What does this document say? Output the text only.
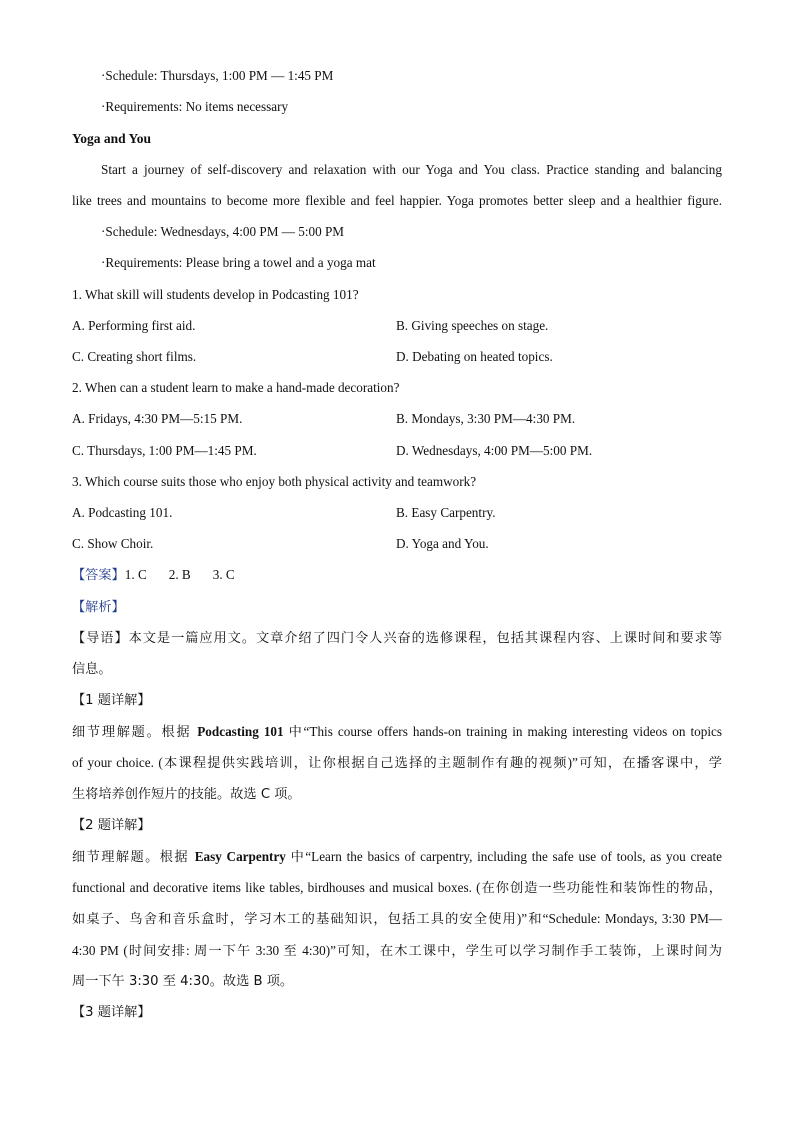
·Schedule: Thursdays, 1:00 PM — 1:45 PM
·Requirements: No items necessary
Yoga and You
Start a journey of self-discovery and relaxation with our Yoga and You class. Practice standing and balancing
like trees and mountains to become more flexible and feel happier. Yoga promotes better sleep and a healthier figure.
·Schedule: Wednesdays, 4:00 PM — 5:00 PM
·Requirements: Please bring a towel and a yoga mat
1. What skill will students develop in Podcasting 101?
A. Performing first aid.	B. Giving speeches on stage.
C. Creating short films.	D. Debating on heated topics.
2. When can a student learn to make a hand-made decoration?
A. Fridays, 4:30 PM—5:15 PM.	B. Mondays, 3:30 PM—4:30 PM.
C. Thursdays, 1:00 PM—1:45 PM.	D. Wednesdays, 4:00 PM—5:00 PM.
3. Which course suits those who enjoy both physical activity and teamwork?
A. Podcasting 101.	B. Easy Carpentry.
C. Show Choir.	D. Yoga and You.
【答案】1. C 2. B 3. C
【解析】
【导语】本文是一篇应用文。文章介绍了四门令人兴奋的选修课程，包括其课程内容、上课时间和要求等
信息。
【1 题详解】
细节理解题。根据 Podcasting 101 中“This course offers hands-on training in making interesting videos on topics
of your choice. (本课程提供实践培训，让你根据自己选择的主题制作有趣的视频)”可知，在播客课中，学
生将培养创作短片的技能。故选 C 项。
【2 题详解】
细节理解题。根据 Easy Carpentry 中“Learn the basics of carpentry, including the safe use of tools, as you create
functional and decorative items like tables, birdhouses and musical boxes. (在你创造一些功能性和装饰性的物品，
如桌子、鸟舍和音乐盒时，学习木工的基础知识，包括工具的安全使用)”和“Schedule: Mondays, 3:30 PM—
4:30 PM (时间安排: 周一下午 3:30 至 4:30)”可知，在木工课中，学生可以学习制作手工装饰，上课时间为
周一下午 3:30 至 4:30。故选 B 项。
【3 题详解】
